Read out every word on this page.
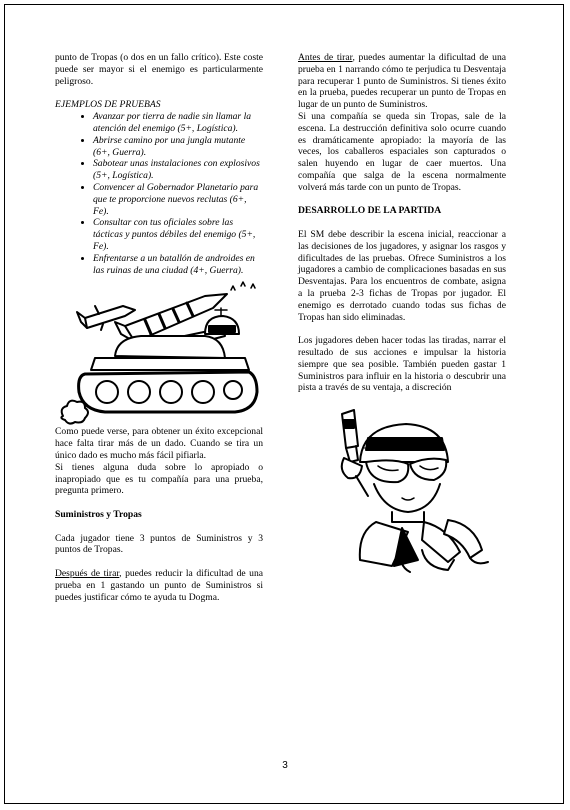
punto de Tropas (o dos en un fallo crítico). Este coste puede ser mayor si el enemigo es particularmente peligroso.

EJEMPLOS DE PRUEBAS

• Avanzar por tierra de nadie sin llamar la atención del enemigo (5+, Logística).
• Abrirse camino por una jungla mutante (6+, Guerra).
• Sabotear unas instalaciones con explosivos (5+, Logística).
• Convencer al Gobernador Planetario para que te proporcione nuevos reclutas (6+, Fe).
• Consultar con tus oficiales sobre las tácticas y puntos débiles del enemigo (5+, Fe).
• Enfrentarse a un batallón de androides en las ruinas de una ciudad (4+, Guerra).

Como puede verse, para obtener un éxito excepcional hace falta tirar más de un dado. Cuando se tira un único dado es mucho más fácil pifiarla.

Si tienes alguna duda sobre lo apropiado o inapropiado que es tu compañía para una prueba, pregunta primero.

Suministros y Tropas

Cada jugador tiene 3 puntos de Suministros y 3 puntos de Tropas.

Después de tirar, puedes reducir la dificultad de una prueba en 1 gastando un punto de Suministros si puedes justificar cómo te ayuda tu Dogma.

Antes de tirar, puedes aumentar la dificultad de una prueba en 1 narrando cómo te perjudica tu Desventaja para recuperar 1 punto de Suministros. Si tienes éxito en la prueba, puedes recuperar un punto de Tropas en lugar de un punto de Suministros.

Si una compañía se queda sin Tropas, sale de la escena. La destrucción definitiva solo ocurre cuando es dramáticamente apropiado: la mayoría de las veces, los caballeros espaciales son capturados o salen huyendo en lugar de caer muertos. Una compañía que salga de la escena normalmente volverá más tarde con un punto de Tropas.

DESARROLLO DE LA PARTIDA

El SM debe describir la escena inicial, reaccionar a las decisiones de los jugadores, y asignar los rasgos y dificultades de las pruebas. Ofrece Suministros a los jugadores a cambio de complicaciones basadas en sus Desventajas. Para los encuentros de combate, asigna a la prueba 2-3 fichas de Tropas por jugador. El enemigo es derrotado cuando todas sus fichas de Tropas han sido eliminadas.

Los jugadores deben hacer todas las tiradas, narrar el resultado de sus acciones e impulsar la historia siempre que sea posible. También pueden gastar 1 Suministros para influir en la historia o descubrir una pista a través de su ventaja, a discreción

3
